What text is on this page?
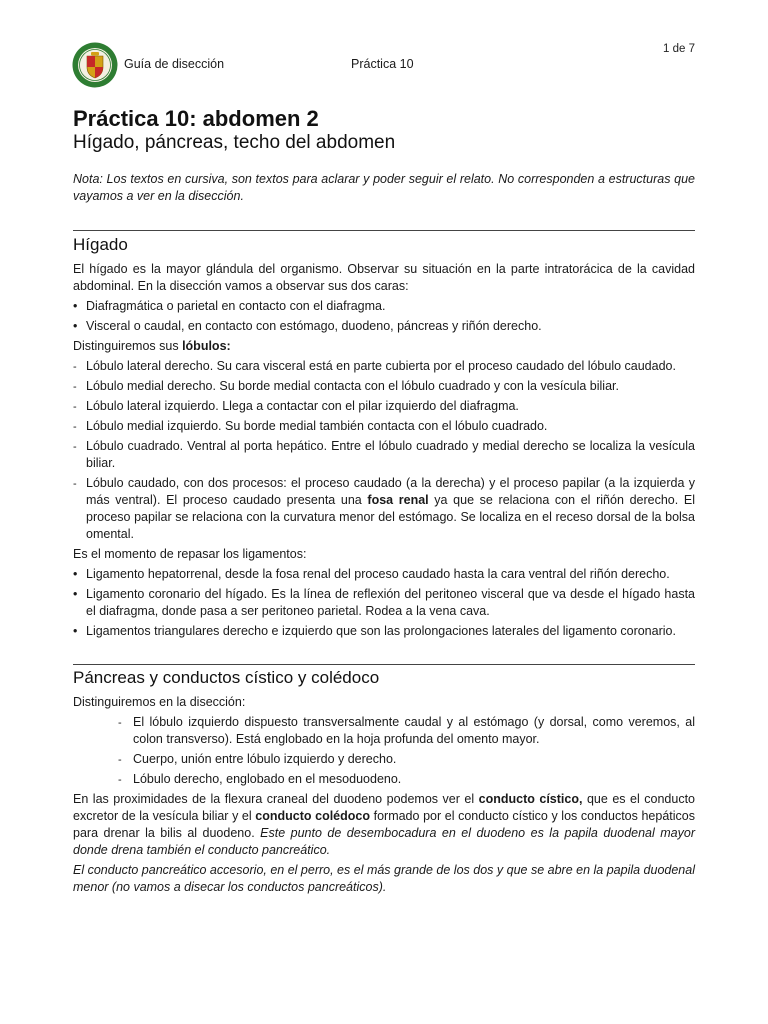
1 de 7
Guía de disección	Práctica 10
Práctica 10: abdomen 2
Hígado, páncreas, techo del abdomen
Nota: Los textos en cursiva, son textos para aclarar y poder seguir el relato. No corresponden a estructuras que vayamos a ver en la disección.
Hígado

El hígado es la mayor glándula del organismo. Observar su situación en la parte intratorácica de la cavidad abdominal. En la disección vamos a observar sus dos caras:

•
Diafragmática o parietal en contacto con el diafragma.
•
Visceral o caudal, en contacto con estómago, duodeno, páncreas y riñón derecho.

Distinguiremos sus lóbulos:

-
Lóbulo lateral derecho. Su cara visceral está en parte cubierta por el proceso caudado del lóbulo caudado.
-
Lóbulo medial derecho. Su borde medial contacta con el lóbulo cuadrado y con la vesícula biliar.
-
Lóbulo lateral izquierdo. Llega a contactar con el pilar izquierdo del diafragma.
-
Lóbulo medial izquierdo. Su borde medial también contacta con el lóbulo cuadrado.
-
Lóbulo cuadrado. Ventral al porta hepático. Entre el lóbulo cuadrado y medial derecho se localiza la vesícula biliar.
-
Lóbulo caudado, con dos procesos: el proceso caudado (a la derecha) y el proceso papilar (a la izquierda y más ventral). El proceso caudado presenta una fosa renal ya que se relaciona con el riñón derecho. El proceso papilar se relaciona con la curvatura menor del estómago. Se localiza en el receso dorsal de la bolsa omental.

Es el momento de repasar los ligamentos:

•
Ligamento hepatorrenal, desde la fosa renal del proceso caudado hasta la cara ventral del riñón derecho.
•
Ligamento coronario del hígado. Es la línea de reflexión del peritoneo visceral que va desde el hígado hasta el diafragma, donde pasa a ser peritoneo parietal. Rodea a la vena cava.
•
Ligamentos triangulares derecho e izquierdo que son las prolongaciones laterales del ligamento coronario.
Páncreas y conductos cístico y colédoco

Distinguiremos en la disección:

-
El lóbulo izquierdo dispuesto transversalmente caudal y al estómago (y dorsal, como veremos, al colon transverso). Está englobado en la hoja profunda del omento mayor.
-
Cuerpo, unión entre lóbulo izquierdo y derecho.
-
Lóbulo derecho, englobado en el mesoduodeno.

En las proximidades de la flexura craneal del duodeno podemos ver el conducto cístico, que es el conducto excretor de la vesícula biliar y el conducto colédoco formado por el conducto cístico y los conductos hepáticos para drenar la bilis al duodeno. Este punto de desembocadura en el duodeno es la papila duodenal mayor donde drena también el conducto pancreático.

El conducto pancreático accesorio, en el perro, es el más grande de los dos y que se abre en la papila duodenal menor (no vamos a disecar los conductos pancreáticos).
